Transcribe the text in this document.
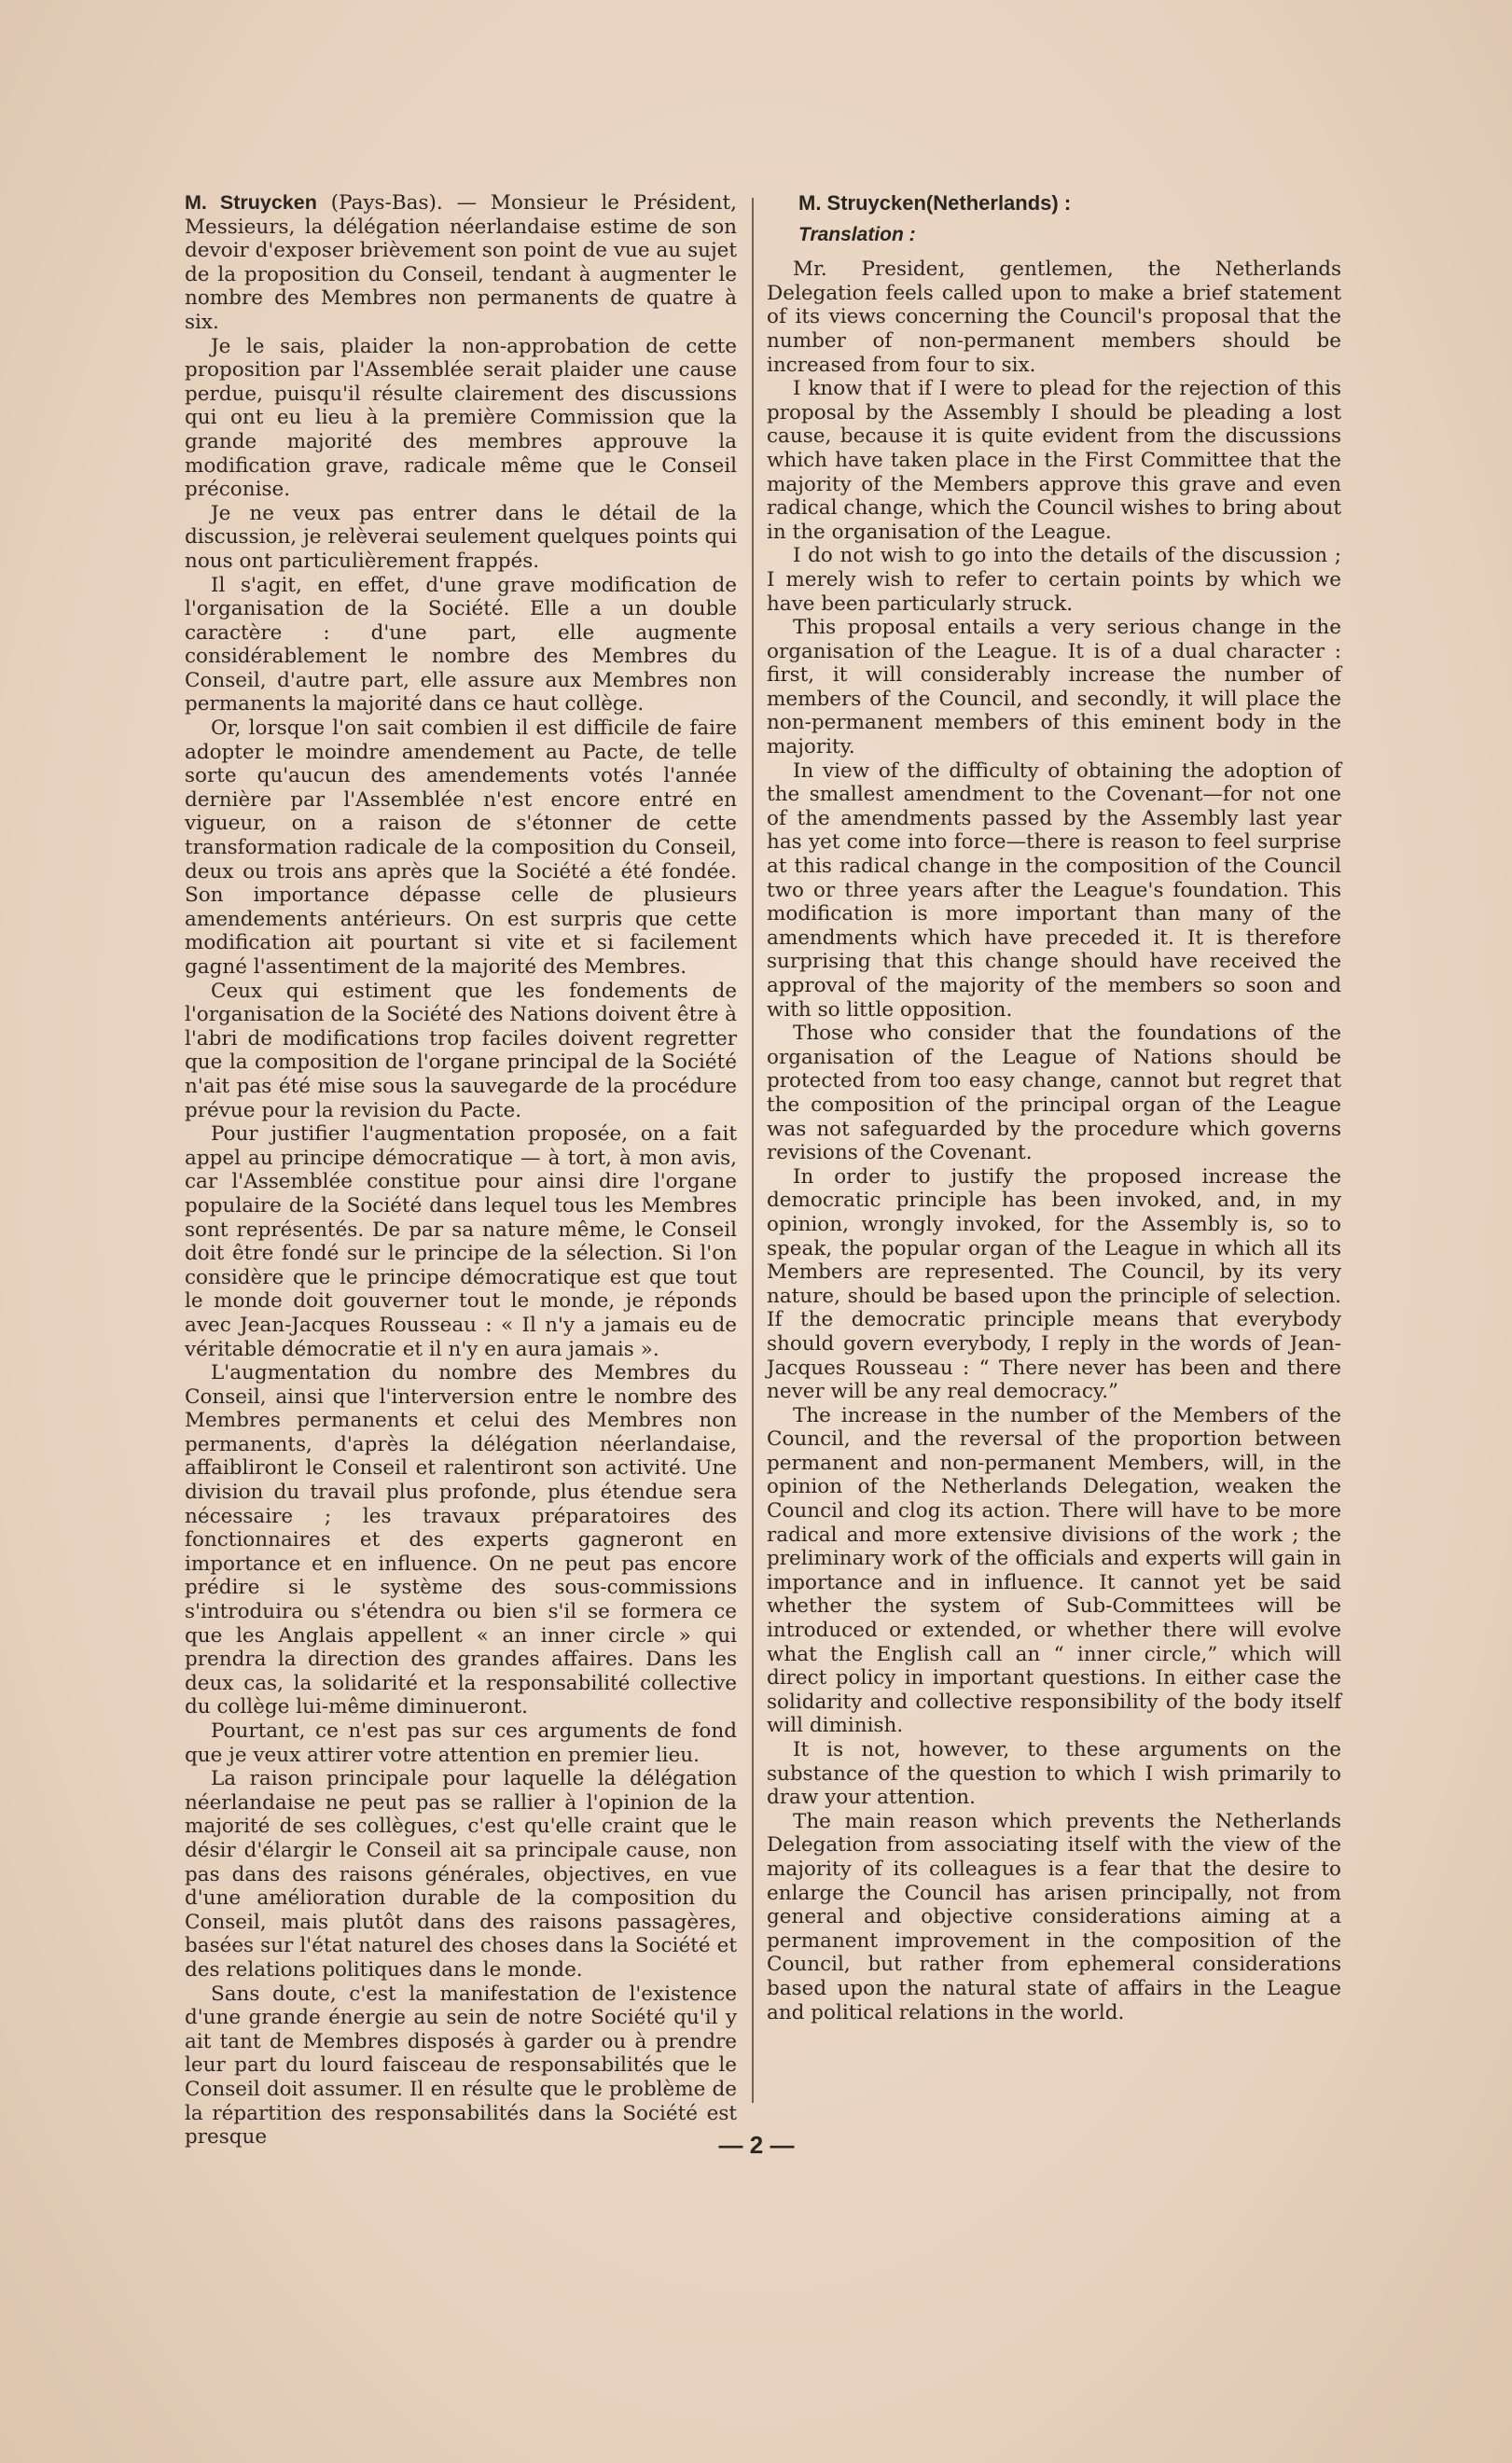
M. Struycken (Pays-Bas). — Monsieur le Président, Messieurs, la délégation néerlandaise estime de son devoir d'exposer brièvement son point de vue au sujet de la proposition du Conseil, tendant à augmenter le nombre des Membres non permanents de quatre à six.

Je le sais, plaider la non-approbation de cette proposition par l'Assemblée serait plaider une cause perdue, puisqu'il résulte clairement des discussions qui ont eu lieu à la première Commission que la grande majorité des membres approuve la modification grave, radicale même que le Conseil préconise.

Je ne veux pas entrer dans le détail de la discussion, je relèverai seulement quelques points qui nous ont particulièrement frappés.

Il s'agit, en effet, d'une grave modification de l'organisation de la Société. Elle a un double caractère : d'une part, elle augmente considérablement le nombre des Membres du Conseil, d'autre part, elle assure aux Membres non permanents la majorité dans ce haut collège.

Or, lorsque l'on sait combien il est difficile de faire adopter le moindre amendement au Pacte, de telle sorte qu'aucun des amendements votés l'année dernière par l'Assemblée n'est encore entré en vigueur, on a raison de s'étonner de cette transformation radicale de la composition du Conseil, deux ou trois ans après que la Société a été fondée. Son importance dépasse celle de plusieurs amendements antérieurs. On est surpris que cette modification ait pourtant si vite et si facilement gagné l'assentiment de la majorité des Membres.

Ceux qui estiment que les fondements de l'organisation de la Société des Nations doivent être à l'abri de modifications trop faciles doivent regretter que la composition de l'organe principal de la Société n'ait pas été mise sous la sauvegarde de la procédure prévue pour la revision du Pacte.

Pour justifier l'augmentation proposée, on a fait appel au principe démocratique — à tort, à mon avis, car l'Assemblée constitue pour ainsi dire l'organe populaire de la Société dans lequel tous les Membres sont représentés. De par sa nature même, le Conseil doit être fondé sur le principe de la sélection. Si l'on considère que le principe démocratique est que tout le monde doit gouverner tout le monde, je réponds avec Jean-Jacques Rousseau : « Il n'y a jamais eu de véritable démocratie et il n'y en aura jamais ».

L'augmentation du nombre des Membres du Conseil, ainsi que l'interversion entre le nombre des Membres permanents et celui des Membres non permanents, d'après la délégation néerlandaise, affaibliront le Conseil et ralentiront son activité. Une division du travail plus profonde, plus étendue sera nécessaire ; les travaux préparatoires des fonctionnaires et des experts gagneront en importance et en influence. On ne peut pas encore prédire si le système des sous-commissions s'introduira ou s'étendra ou bien s'il se formera ce que les Anglais appellent « an inner circle » qui prendra la direction des grandes affaires. Dans les deux cas, la solidarité et la responsabilité collective du collège lui-même diminueront.

Pourtant, ce n'est pas sur ces arguments de fond que je veux attirer votre attention en premier lieu.

La raison principale pour laquelle la délégation néerlandaise ne peut pas se rallier à l'opinion de la majorité de ses collègues, c'est qu'elle craint que le désir d'élargir le Conseil ait sa principale cause, non pas dans des raisons générales, objectives, en vue d'une amélioration durable de la composition du Conseil, mais plutôt dans des raisons passagères, basées sur l'état naturel des choses dans la Société et des relations politiques dans le monde.

Sans doute, c'est la manifestation de l'existence d'une grande énergie au sein de notre Société qu'il y ait tant de Membres disposés à garder ou à prendre leur part du lourd faisceau de responsabilités que le Conseil doit assumer. Il en résulte que le problème de la répartition des responsabilités dans la Société est presque

M. Struycken(Netherlands) :
Translation :

Mr. President, gentlemen, the Netherlands Delegation feels called upon to make a brief statement of its views concerning the Council's proposal that the number of non-permanent members should be increased from four to six.

I know that if I were to plead for the rejection of this proposal by the Assembly I should be pleading a lost cause, because it is quite evident from the discussions which have taken place in the First Committee that the majority of the Members approve this grave and even radical change, which the Council wishes to bring about in the organisation of the League.

I do not wish to go into the details of the discussion ; I merely wish to refer to certain points by which we have been particularly struck.

This proposal entails a very serious change in the organisation of the League. It is of a dual character : first, it will considerably increase the number of members of the Council, and secondly, it will place the non-permanent members of this eminent body in the majority.

In view of the difficulty of obtaining the adoption of the smallest amendment to the Covenant—for not one of the amendments passed by the Assembly last year has yet come into force—there is reason to feel surprise at this radical change in the composition of the Council two or three years after the League's foundation. This modification is more important than many of the amendments which have preceded it. It is therefore surprising that this change should have received the approval of the majority of the members so soon and with so little opposition.

Those who consider that the foundations of the organisation of the League of Nations should be protected from too easy change, cannot but regret that the composition of the principal organ of the League was not safeguarded by the procedure which governs revisions of the Covenant.

In order to justify the proposed increase the democratic principle has been invoked, and, in my opinion, wrongly invoked, for the Assembly is, so to speak, the popular organ of the League in which all its Members are represented. The Council, by its very nature, should be based upon the principle of selection. If the democratic principle means that everybody should govern everybody, I reply in the words of Jean-Jacques Rousseau : “ There never has been and there never will be any real democracy.”

The increase in the number of the Members of the Council, and the reversal of the proportion between permanent and non-permanent Members, will, in the opinion of the Netherlands Delegation, weaken the Council and clog its action. There will have to be more radical and more extensive divisions of the work ; the preliminary work of the officials and experts will gain in importance and in influence. It cannot yet be said whether the system of Sub-Committees will be introduced or extended, or whether there will evolve what the English call an “ inner circle,” which will direct policy in important questions. In either case the solidarity and collective responsibility of the body itself will diminish.

It is not, however, to these arguments on the substance of the question to which I wish primarily to draw your attention.

The main reason which prevents the Netherlands Delegation from associating itself with the view of the majority of its colleagues is a fear that the desire to enlarge the Council has arisen principally, not from general and objective considerations aiming at a permanent improvement in the composition of the Council, but rather from ephemeral considerations based upon the natural state of affairs in the League and political relations in the world.

— 2 —
